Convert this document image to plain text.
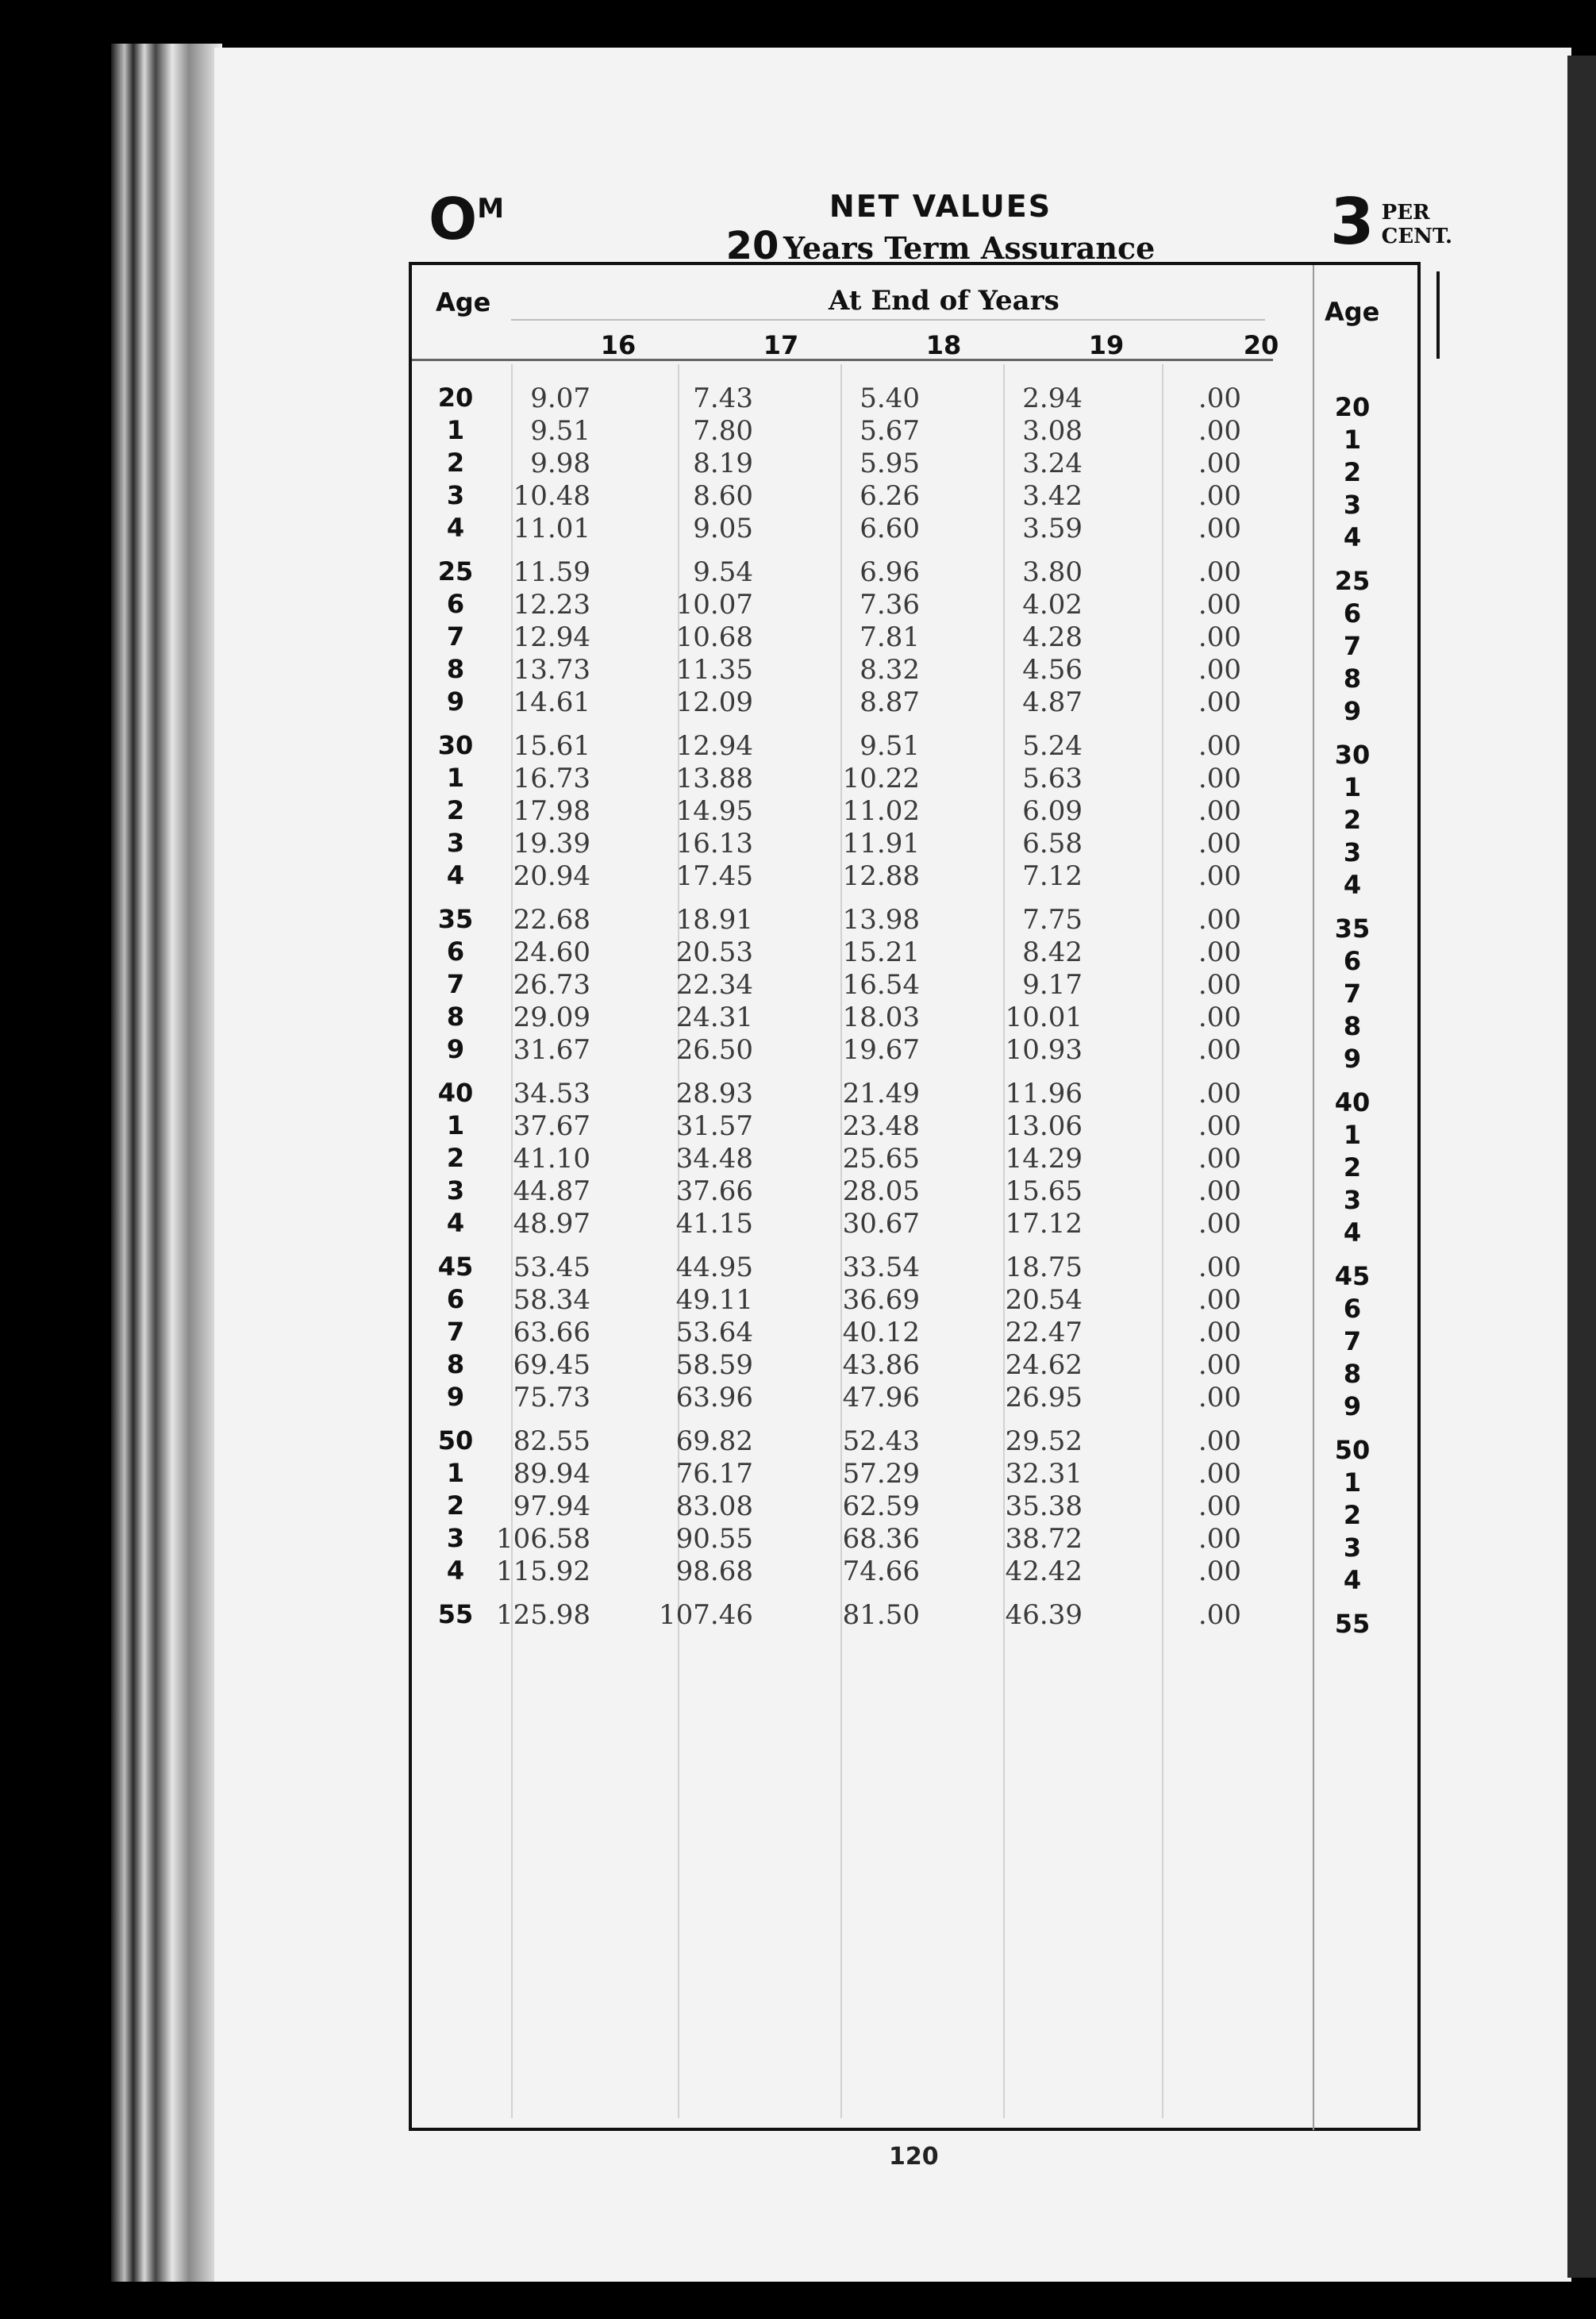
$O^M$	NET VALUES
20 Years Term Assurance	3 PER
CENT.
Age	Age
At End of Years
16	17	18	19	20
20	9.07	7.43	5.40	2.94	.00	20
1	9.51	7.80	5.67	3.08	.00	1
2	9.98	8.19	5.95	3.24	.00	2
3	10.48	8.60	6.26	3.42	.00	3
4	11.01	9.05	6.60	3.59	.00	4
25	11.59	9.54	6.96	3.80	.00	25
6	12.23	10.07	7.36	4.02	.00	6
7	12.94	10.68	7.81	4.28	.00	7
8	13.73	11.35	8.32	4.56	.00	8
9	14.61	12.09	8.87	4.87	.00	9
30	15.61	12.94	9.51	5.24	.00	30
1	16.73	13.88	10.22	5.63	.00	1
2	17.98	14.95	11.02	6.09	.00	2
3	19.39	16.13	11.91	6.58	.00	3
4	20.94	17.45	12.88	7.12	.00	4
35	22.68	18.91	13.98	7.75	.00	35
6	24.60	20.53	15.21	8.42	.00	6
7	26.73	22.34	16.54	9.17	.00	7
8	29.09	24.31	18.03	10.01	.00	8
9	31.67	26.50	19.67	10.93	.00	9
40	34.53	28.93	21.49	11.96	.00	40
1	37.67	31.57	23.48	13.06	.00	1
2	41.10	34.48	25.65	14.29	.00	2
3	44.87	37.66	28.05	15.65	.00	3
4	48.97	41.15	30.67	17.12	.00	4
45	53.45	44.95	33.54	18.75	.00	45
6	58.34	49.11	36.69	20.54	.00	6
7	63.66	53.64	40.12	22.47	.00	7
8	69.45	58.59	43.86	24.62	.00	8
9	75.73	63.96	47.96	26.95	.00	9
50	82.55	69.82	52.43	29.52	.00	50
1	89.94	76.17	57.29	32.31	.00	1
2	97.94	83.08	62.59	35.38	.00	2
3	106.58	90.55	68.36	38.72	.00	3
4	115.92	98.68	74.66	42.42	.00	4
55 125.98	107.46	81.50	46.39	.00	55
120
